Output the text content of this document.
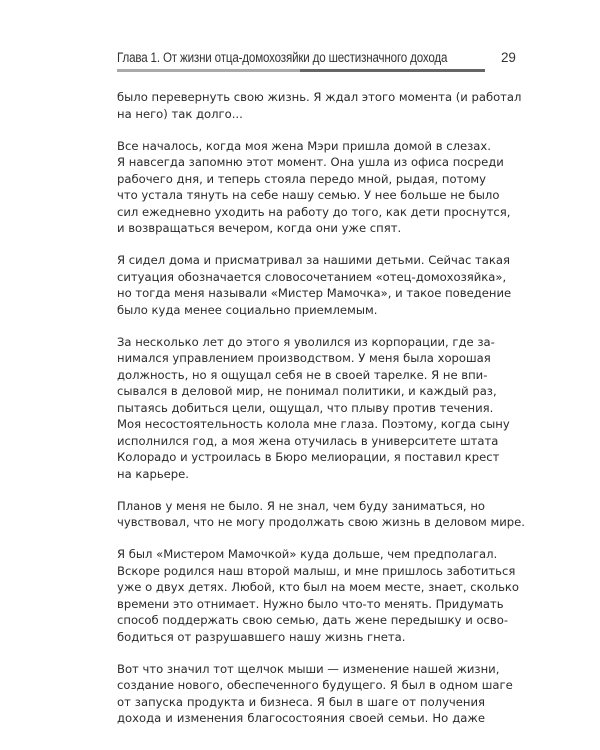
Глава 1. От жизни отца-домохозяйки до шестизначного дохода	29
было перевернуть свою жизнь. Я ждал этого момента (и работал
на него) так долго...
Все началось, когда моя жена Мэри пришла домой в слезах.
Я навсегда запомню этот момент. Она ушла из офиса посреди
рабочего дня, и теперь стояла передо мной, рыдая, потому
что устала тянуть на себе нашу семью. У нее больше не было
сил ежедневно уходить на работу до того, как дети проснутся,
и возвращаться вечером, когда они уже спят.
Я сидел дома и присматривал за нашими детьми. Сейчас такая
ситуация обозначается словосочетанием «отец-домохозяйка»,
но тогда меня называли «Мистер Мамочка», и такое поведение
было куда менее социально приемлемым.
За несколько лет до этого я уволился из корпорации, где за-
нимался управлением производством. У меня была хорошая
должность, но я ощущал себя не в своей тарелке. Я не впи-
сывался в деловой мир, не понимал политики, и каждый раз,
пытаясь добиться цели, ощущал, что плыву против течения.
Моя несостоятельность колола мне глаза. Поэтому, когда сыну
исполнился год, а моя жена отучилась в университете штата
Колорадо и устроилась в Бюро мелиорации, я поставил крест
на карьере.
Планов у меня не было. Я не знал, чем буду заниматься, но
чувствовал, что не могу продолжать свою жизнь в деловом мире.
Я был «Мистером Мамочкой» куда дольше, чем предполагал.
Вскоре родился наш второй малыш, и мне пришлось заботиться
уже о двух детях. Любой, кто был на моем месте, знает, сколько
времени это отнимает. Нужно было что-то менять. Придумать
способ поддержать свою семью, дать жене передышку и осво-
бодиться от разрушавшего нашу жизнь гнета.
Вот что значил тот щелчок мыши — изменение нашей жизни,
создание нового, обеспеченного будущего. Я был в одном шаге
от запуска продукта и бизнеса. Я был в шаге от получения
дохода и изменения благосостояния своей семьи. Но даже
